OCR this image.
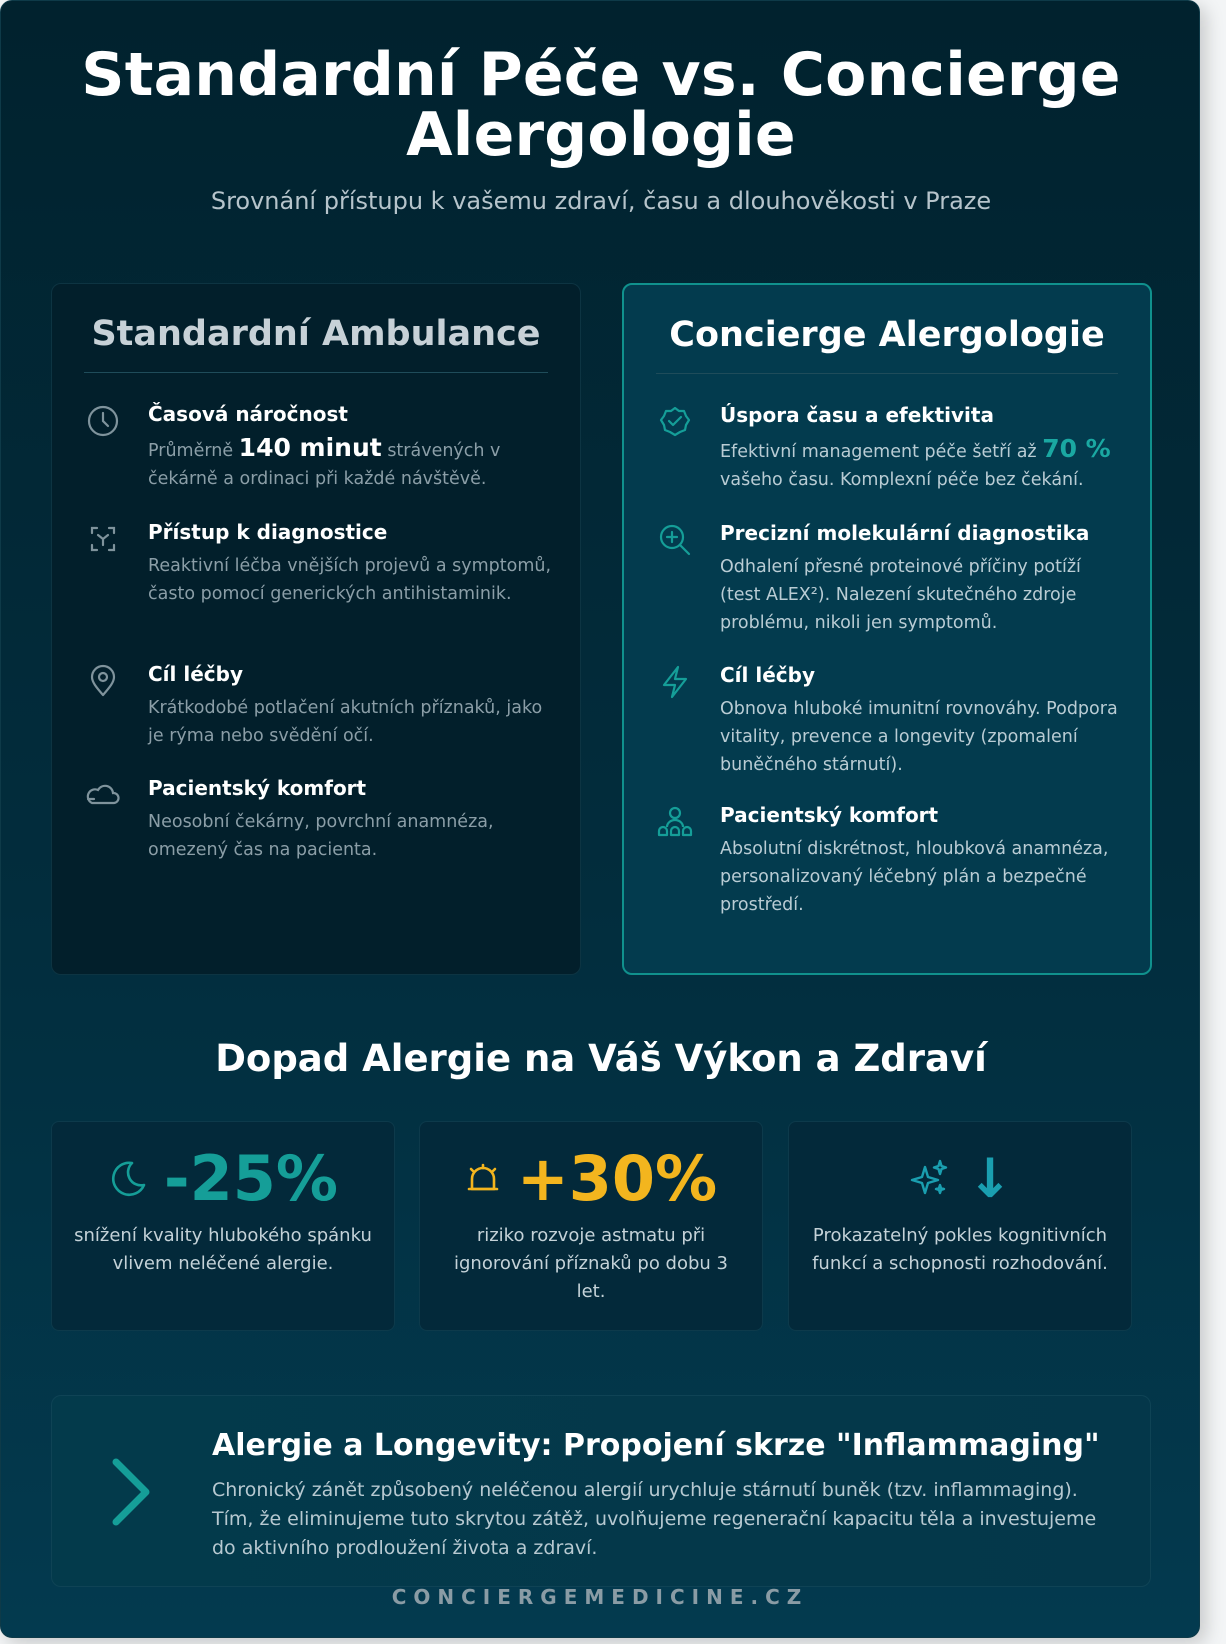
Standardní Péče vs. Concierge Alergologie

Srovnání přístupu k vašemu zdraví, času a dlouhověkosti v Praze

Standardní Ambulance
Časová náročnost
Průměrně 140 minut strávených v čekárně a ordinaci při každé návštěvě.
Přístup k diagnostice
Reaktivní léčba vnějších projevů a symptomů, často pomocí generických antihistaminik.
Cíl léčby
Krátkodobé potlačení akutních příznaků, jako je rýma nebo svědění očí.
Pacientský komfort
Neosobní čekárny, povrchní anamnéza, omezený čas na pacienta.
Concierge Alergologie
Úspora času a efektivita
Efektivní management péče šetří až 70 % vašeho času. Komplexní péče bez čekání.
Precizní molekulární diagnostika
Odhalení přesné proteinové příčiny potíží (test ALEX²). Nalezení skutečného zdroje problému, nikoli jen symptomů.
Cíl léčby
Obnova hluboké imunitní rovnováhy. Podpora vitality, prevence a longevity (zpomalení buněčného stárnutí).
Pacientský komfort
Absolutní diskrétnost, hloubková anamnéza, personalizovaný léčebný plán a bezpečné prostředí.
Dopad Alergie na Váš Výkon a Zdraví
-25%
snížení kvality hlubokého spánku vlivem neléčené alergie.
+30%
riziko rozvoje astmatu při ignorování příznaků po dobu 3 let.
↓
Prokazatelný pokles kognitivních funkcí a schopnosti rozhodování.
Alergie a Longevity: Propojení skrze "Inflammaging"
Chronický zánět způsobený neléčenou alergií urychluje stárnutí buněk (tzv. inflammaging). Tím, že eliminujeme tuto skrytou zátěž, uvolňujeme regenerační kapacitu těla a investujeme do aktivního prodloužení života a zdraví.
CONCIERGEMEDICINE.CZ
